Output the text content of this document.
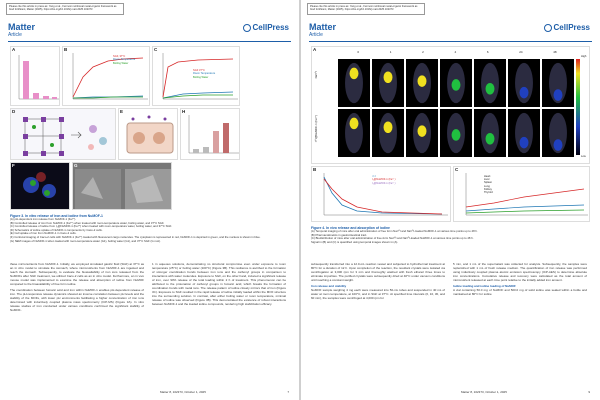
Please cite this article in press as: Yang et al., Fermoxi nutritional metal-organic framework as food fortificant, Matter (2025), https://doi.org/10.1016/j.matt.2025.102373
Matter
Article
CellPress
A	B
SGF, 37°C
Room Temperature
Boiling Water
C
SGF 37°C
Room Temperature
Boiling Water
D	E	H
F	G
Figure 3. In vitro release of iron and iodine from NuMOF-1
(A) pH-dependent iron release from NuMOF-1 (Fe³⁺).
(B) Controlled release of iron from NuMOF-1 (Fe³⁺) when treated with room-temperature water, boiling water, and 37°C SGF.
(C) Controlled release of iodine from I₂@NuMOF-1 (Fe³⁺) when treated with room-temperature water, boiling water, and 37°C SGF.
(D) Schematics of iodine uptake of NuMOF-1 components by Caco-2 cells.
(E) Cell uptake of iron from NuMOF-1 in Caco-2 cells.
(F) Confocal imaging of Caco-2 cells with NuMOF-1 (Fe³⁺) loaded with fluorescent cargo molecules. The cytoplasm is represented in red, NuMOF-1 is depicted in green, and the nucleus is shown in blue.
(G) SEM images of NuMOF-1 when loaded with room-temperature water (G1), boiling water (G1), and 37°C SGF (G mol).

these micronutrients from NuMOF-1. Initially, we employed simulated gastric fluid (SGF) at 37°C as an in vitro model to simulate the stomach, where micronutrients from NuMOF-1 are ingested and reach the stomach. Subsequently, to evaluate the bioavailability of iron ions released from the NuMOFs after SGF treatment, we utilized Caco-2 cells as an in vitro model. Furthermore, an in vivo mouse model was implemented to examine the release and absorption of iodine from NuMOF compared to the bioavailability of free form iodine.

The coordination between fumaric acid and iron within NuMOF-1 enables pH-dependent release of iron. The pH-responsive release dynamics showed an inverse correlation between pH levels and the stability of the MOFs, with lower pH environments facilitating a higher concentration of iron ions determined with inductively coupled plasma mass spectrometry (ICP-MS) (Figure 3A). In vitro release studies of iron conducted under various conditions confirmed the significant stability of NuMOF-

1 in aqueous solutions, demonstrating no structural compromise even under exposure to room temperature (25°C) or boiling water (100°C) (Figure 3B). This resilience is ascribed to the formation of stronger coordination bonds between iron ions and the carbonyl groups in comparison to interactions with water molecules. Exposure to SGF, on the other hand, induced a significant release of iron, over 90% release of the total loading within 2 h of treatment. This phenomenon can be attributed to the protonation of carboxyl groups in fumaric acid, which breaks the formation of coordination bonds with metal ions. The release pattern of iodine closely mirrors that of iron (Figure 3C). Exposure to SGF resulted in the rapid release of iodine initially loaded within the MOF structure into the surrounding solution. In contrast, after either boiling water or room temperature, minimal release of iodine was observed (Figure 3B). This demonstrated the existence of robust interactions between NuMOF-1 and the loaded iodine compounds, rendering high stabilization efficacy.

Matter 8, 102373, October 1, 2025	7
Please cite this article in press as: Yang et al., Fermoxi nutritional metal-organic framework as food fortificant, Matter (2025), https://doi.org/10.1016/j.matt.2025.102373
Matter
Article
CellPress
A	0	1	2	4	6	24	48
Na¹²⁵I
¹²⁵I@NuMOF-1 (Fe³⁺)
High
Low
B
¹²⁵I
I₂@NuMOF-1 (Fe³⁺)
I₂@NuMOF-1 (Fe³⁺)
C
Heart
Liver
Spleen
Lung
Kidney
Thyroid
Figure 4. In vivo release and absorption of iodine
(A) Temporal imaging of mice after oral administration of free form Na¹²⁵I and Na¹²⁵I-loaded NuMOF-1 at various time points up to 48 h.
(B) Pharmacokinetics in gastrointestinal tract.
(C) Biodistribution of mice after oral administration of free-form Na¹²⁵I and Na¹²⁵I-loaded NuMOF-1 at various time points up to 48 h.
Signal in (B) and (C) is quantified using temporal images shown in (A).

subsequently transferred into a 12.0-mL reaction vessel and subjected to hydrothermal treatment at 80°C for a duration of 12 h. Upon completion of the reaction, the resultant crystals were isolated via centrifugation at 3,000 rpm for 3 min and thoroughly washed with fresh ethanol three times to eliminate impurities. The purified crystals were subsequently dried at 40°C under vacuum conditions until reaching a constant weight.

Iron release and stability

NuMOF sample weighing 4 mg each were measured into 50-mL tubes and suspended in 40 mL of water at room temperature, at 100°C, and in SGF at 37°C. At specified time intervals (0, 10, 30, and 60 min), the samples were centrifuged at 4,000 rpm for

5 min, and 1 mL of the supernatant was collected for analysis. Subsequently, the samples were replenished with 1 mL of fresh release medium. The quantification of iron release was performed using inductively coupled plasma atomic emission spectroscopy (ICP-AES) to determine absolute iron concentrations. Cumulative release and recovery were calculated as the total amount of micronutrient released at each time point relative to the initially added iron amount.

Iodine loading and iodine loading of NuMOF

A vial containing 50.0 mg of NuMOF and 500.0 mg of solid iodine was sealed within a bottle and maintained at 80°C for iodine

Matter 8, 102373, October 1, 2025	9
